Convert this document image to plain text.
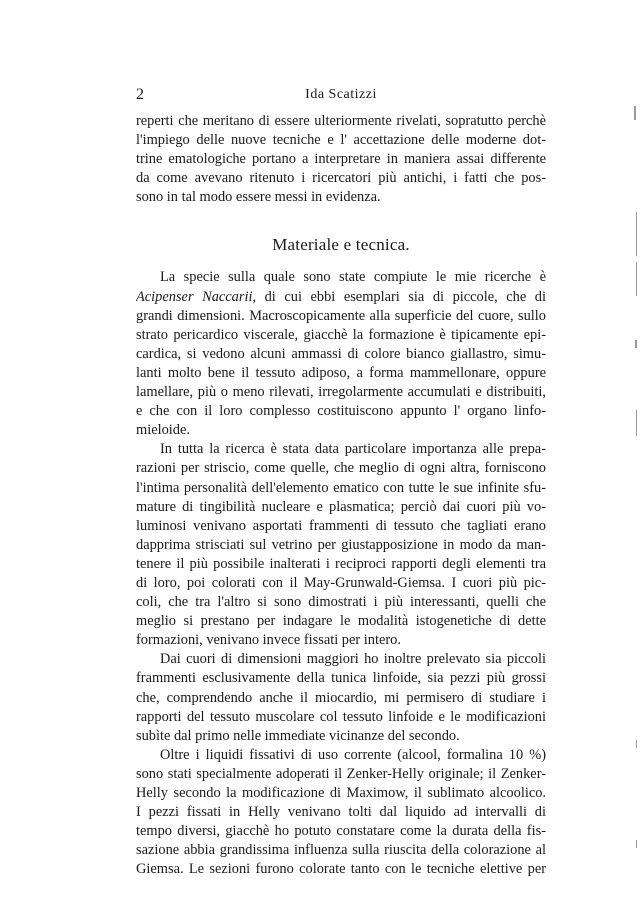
2	Ida Scatizzi
reperti che meritano di essere ulteriormente rivelati, sopratutto perchè
l'impiego delle nuove tecniche e l' accettazione delle moderne dot-
trine ematologiche portano a interpretare in maniera assai differente
da come avevano ritenuto i ricercatori più antichi, i fatti che pos-
sono in tal modo essere messi in evidenza.
Materiale e tecnica.
La specie sulla quale sono state compiute le mie ricerche è
Acipenser Naccarii, di cui ebbi esemplari sia di piccole, che di
grandi dimensioni. Macroscopicamente alla superficie del cuore, sullo
strato pericardico viscerale, giacchè la formazione è tipicamente epi-
cardica, si vedono alcuni ammassi di colore bianco giallastro, simu-
lanti molto bene il tessuto adiposo, a forma mammellonare, oppure
lamellare, più o meno rilevati, irregolarmente accumulati e distribuiti,
e che con il loro complesso costituiscono appunto l' organo linfo-
mieloide.
In tutta la ricerca è stata data particolare importanza alle prepa-
razioni per striscio, come quelle, che meglio di ogni altra, forniscono
l'intima personalità dell'elemento ematico con tutte le sue infinite sfu-
mature di tingibilità nucleare e plasmatica; perciò dai cuori più vo-
luminosi venivano asportati frammenti di tessuto che tagliati erano
dapprima strisciati sul vetrino per giustapposizione in modo da man-
tenere il più possibile inalterati i reciproci rapporti degli elementi tra
di loro, poi colorati con il May-Grunwald-Giemsa. I cuori più pic-
coli, che tra l'altro si sono dimostrati i più interessanti, quelli che
meglio si prestano per indagare le modalità istogenetiche di dette
formazioni, venivano invece fissati per intero.
Dai cuori di dimensioni maggiori ho inoltre prelevato sia piccoli
frammenti esclusivamente della tunica linfoide, sia pezzi più grossi
che, comprendendo anche il miocardio, mi permisero di studiare i
rapporti del tessuto muscolare col tessuto linfoide e le modificazioni
subìte dal primo nelle immediate vicinanze del secondo.
Oltre i liquidi fissativi di uso corrente (alcool, formalina 10 %)
sono stati specialmente adoperati il Zenker-Helly originale; il Zenker-
Helly secondo la modificazione di Maximow, il sublimato alcoolico.
I pezzi fissati in Helly venivano tolti dal liquido ad intervalli di
tempo diversi, giacchè ho potuto constatare come la durata della fis-
sazione abbia grandissima influenza sulla riuscita della colorazione al
Giemsa. Le sezioni furono colorate tanto con le tecniche elettive per
